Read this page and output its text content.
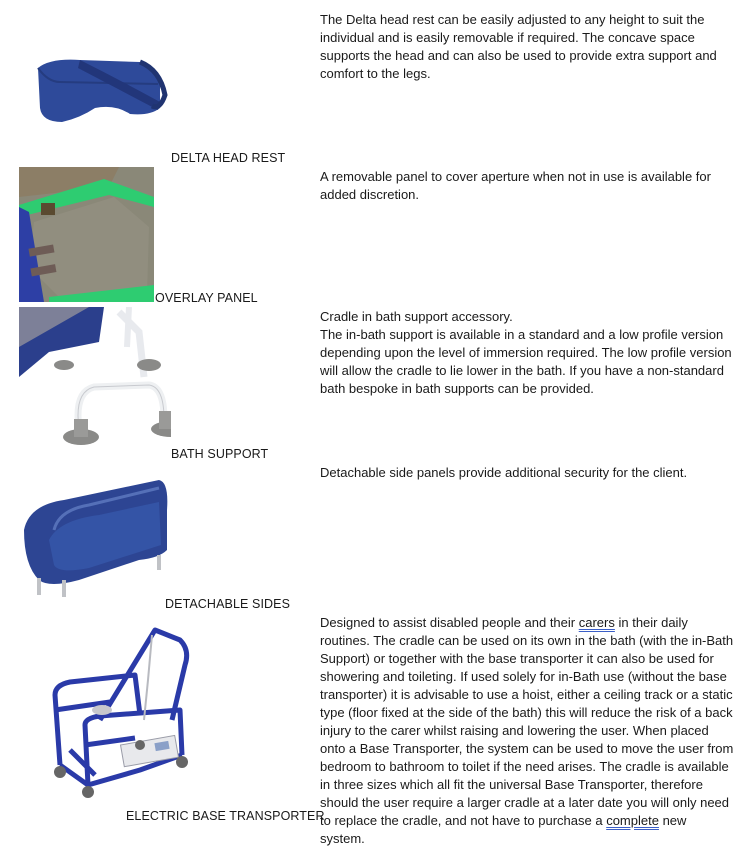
DELTA HEAD REST

The Delta head rest can be easily adjusted to any height to suit the individual and is easily removable if required. The concave space supports the head and can also be used to provide extra support and comfort to the legs.

OVERLAY PANEL

A removable panel to cover aperture when not in use is available for added discretion.

BATH SUPPORT

Cradle in bath support accessory.

The in-bath support is available in a standard and a low profile version depending upon the level of immersion required. The low profile version will allow the cradle to lie lower in the bath. If you have a non-standard bath bespoke in bath supports can be provided.

DETACHABLE SIDES

Detachable side panels provide additional security for the client.

ELECTRIC BASE TRANSPORTER

Designed to assist disabled people and their carers in their daily routines. The cradle can be used on its own in the bath (with the in-Bath Support) or together with the base transporter it can also be used for showering and toileting. If used solely for in-Bath use (without the base transporter) it is advisable to use a hoist, either a ceiling track or a static type (floor fixed at the side of the bath) this will reduce the risk of a back injury to the carer whilst raising and lowering the user. When placed onto a Base Transporter, the system can be used to move the user from bedroom to bathroom to toilet if the need arises. The cradle is available in three sizes which all fit the universal Base Transporter, therefore should the user require a larger cradle at a later date you will only need to replace the cradle, and not have to purchase a complete new system.
